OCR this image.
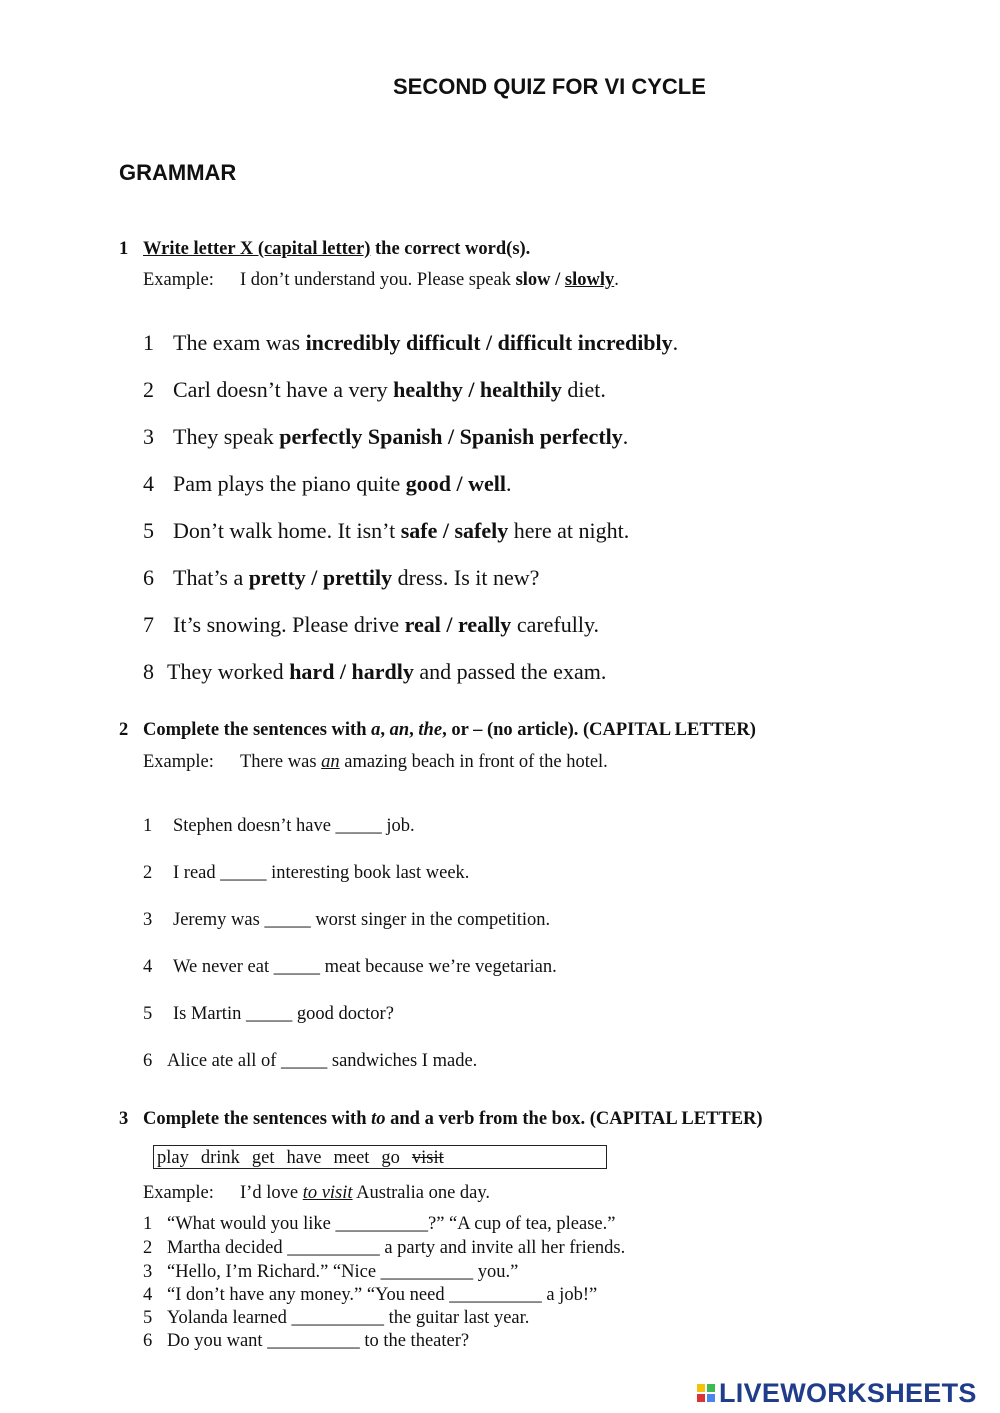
SECOND QUIZ FOR VI CYCLE
GRAMMAR
1 Write letter X (capital letter) the correct word(s).
Example: I don’t understand you. Please speak slow / slowly.
1 The exam was incredibly difficult / difficult incredibly.
2 Carl doesn’t have a very healthy / healthily diet.
3 They speak perfectly Spanish / Spanish perfectly.
4 Pam plays the piano quite good / well.
5 Don’t walk home. It isn’t safe / safely here at night.
6 That’s a pretty / prettily dress. Is it new?
7 It’s snowing. Please drive real / really carefully.
8 They worked hard / hardly and passed the exam.
2 Complete the sentences with a, an, the, or – (no article). (CAPITAL LETTER)
Example: There was an amazing beach in front of the hotel.
1 Stephen doesn’t have _____ job.
2 I read _____ interesting book last week.
3 Jeremy was _____ worst singer in the competition.
4 We never eat _____ meat because we’re vegetarian.
5 Is Martin _____ good doctor?
6 Alice ate all of _____ sandwiches I made.
3 Complete the sentences with to and a verb from the box. (CAPITAL LETTER)
play drink get have meet go visit
Example: I’d love to visit Australia one day.
1 “What would you like __________?” “A cup of tea, please.”
2 Martha decided __________ a party and invite all her friends.
3 “Hello, I’m Richard.” “Nice __________ you.”
4 “I don’t have any money.” “You need __________ a job!”
5 Yolanda learned __________ the guitar last year.
6 Do you want __________ to the theater?
LIVEWORKSHEETS
